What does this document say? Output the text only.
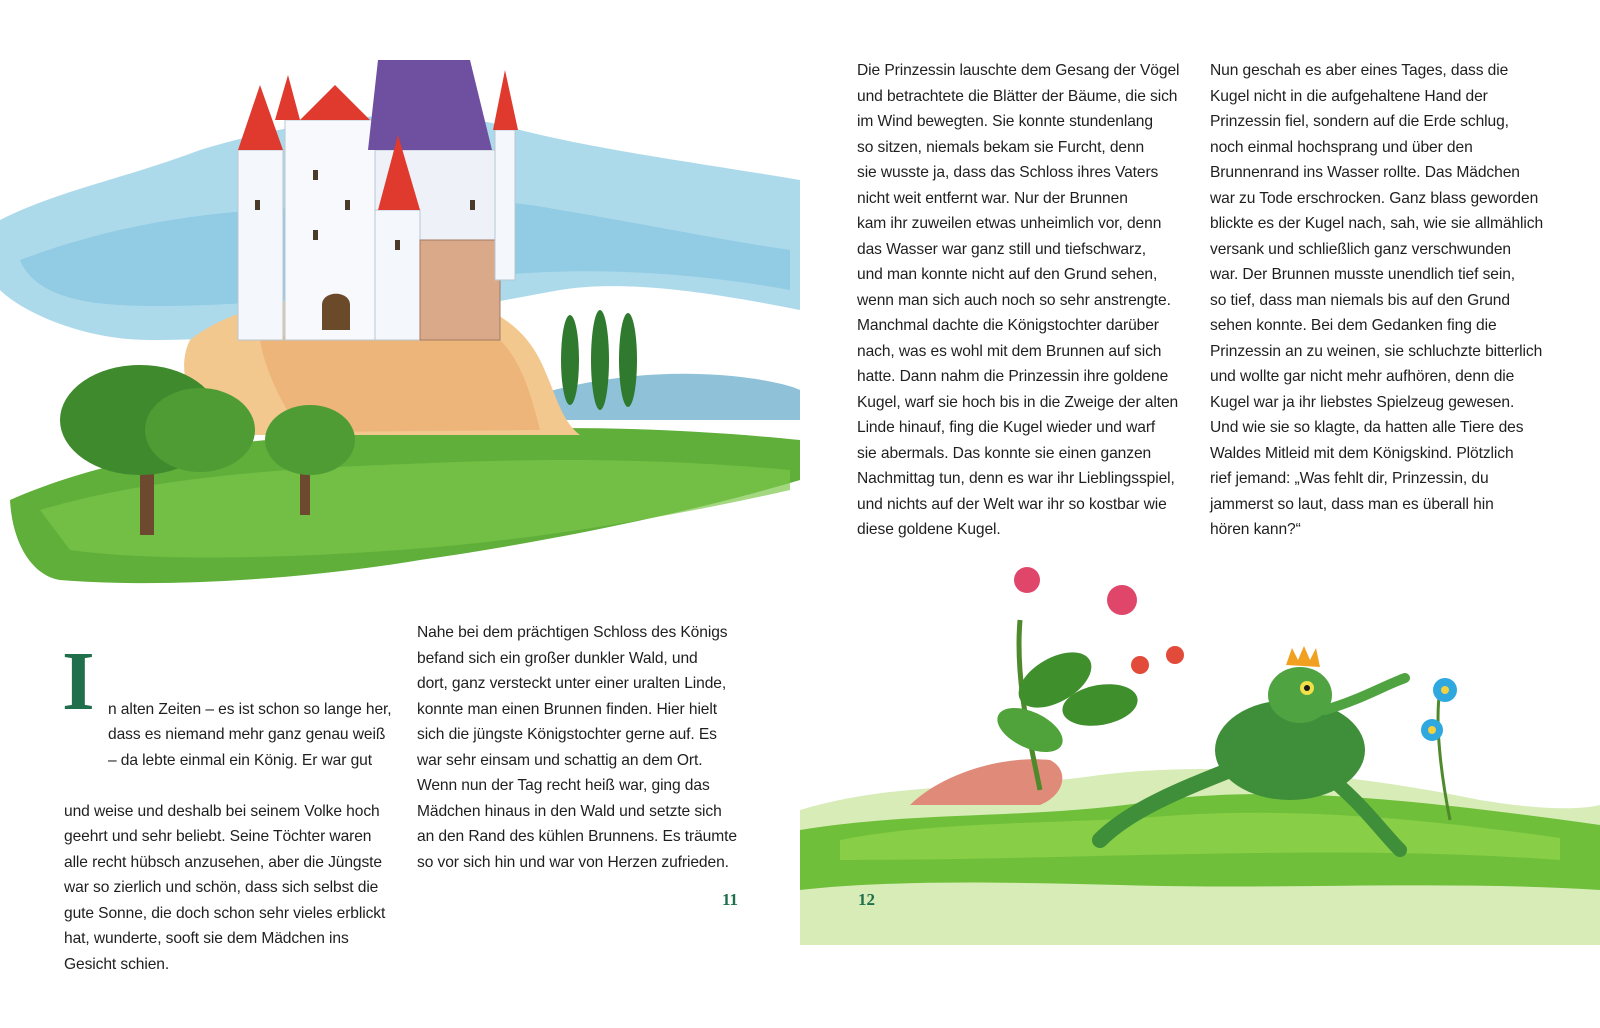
I n alten Zeiten – es ist schon so lange her,
dass es niemand mehr ganz genau weiß
– da lebte einmal ein König. Er war gut

und weise und deshalb bei seinem Volke hoch
geehrt und sehr beliebt. Seine Töchter waren
alle recht hübsch anzusehen, aber die Jüngste
war so zierlich und schön, dass sich selbst die
gute Sonne, die doch schon sehr vieles erblickt
hat, wunderte, sooft sie dem Mädchen ins
Gesicht schien.

Nahe bei dem prächtigen Schloss des Königs
befand sich ein großer dunkler Wald, und
dort, ganz versteckt unter einer uralten Linde,
konnte man einen Brunnen finden. Hier hielt
sich die jüngste Königstochter gerne auf. Es
war sehr einsam und schattig an dem Ort.
Wenn nun der Tag recht heiß war, ging das
Mädchen hinaus in den Wald und setzte sich
an den Rand des kühlen Brunnens. Es träumte
so vor sich hin und war von Herzen zufrieden.
11
Die Prinzessin lauschte dem Gesang der Vögel
und betrachtete die Blätter der Bäume, die sich
im Wind bewegten. Sie konnte stundenlang
so sitzen, niemals bekam sie Furcht, denn
sie wusste ja, dass das Schloss ihres Vaters
nicht weit entfernt war. Nur der Brunnen
kam ihr zuweilen etwas unheimlich vor, denn
das Wasser war ganz still und tiefschwarz,
und man konnte nicht auf den Grund sehen,
wenn man sich auch noch so sehr anstrengte.
Manchmal dachte die Königstochter darüber
nach, was es wohl mit dem Brunnen auf sich
hatte. Dann nahm die Prinzessin ihre goldene
Kugel, warf sie hoch bis in die Zweige der alten
Linde hinauf, fing die Kugel wieder und warf
sie abermals. Das konnte sie einen ganzen
Nachmittag tun, denn es war ihr Lieblingsspiel,
und nichts auf der Welt war ihr so kostbar wie
diese goldene Kugel.
Nun geschah es aber eines Tages, dass die
Kugel nicht in die aufgehaltene Hand der
Prinzessin fiel, sondern auf die Erde schlug,
noch einmal hochsprang und über den
Brunnenrand ins Wasser rollte. Das Mädchen
war zu Tode erschrocken. Ganz blass geworden
blickte es der Kugel nach, sah, wie sie allmählich
versank und schließlich ganz verschwunden
war. Der Brunnen musste unendlich tief sein,
so tief, dass man niemals bis auf den Grund
sehen konnte. Bei dem Gedanken fing die
Prinzessin an zu weinen, sie schluchzte bitterlich
und wollte gar nicht mehr aufhören, denn die
Kugel war ja ihr liebstes Spielzeug gewesen.
Und wie sie so klagte, da hatten alle Tiere des
Waldes Mitleid mit dem Königskind. Plötzlich
rief jemand: „Was fehlt dir, Prinzessin, du
jammerst so laut, dass man es überall hin
hören kann?“
12
